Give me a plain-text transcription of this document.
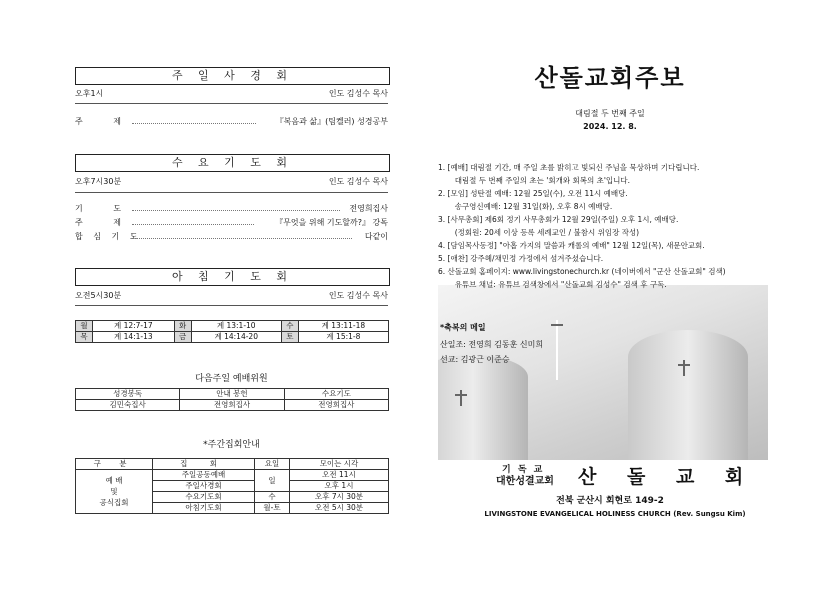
주 일 사 경 회
오후1시	인도 김성수 목사
주 제	『복음과 삶』(팀켈러) 성경공부
수 요 기 도 회
오후7시30분	인도 김성수 목사
기 도	전영희집사
주 제	『무엇을 위해 기도할까?』 강독
합 심 기 도	다같이
아 침 기 도 회
오전5시30분	인도 김성수 목사
월	계 12:7-17	화	계 13:1-10	수	계 13:11-18
목	계 14:1-13	금	계 14:14-20	토	계 15:1-8
다음주일 예배위원
성경봉독	안내 봉헌	수요기도
김민숙집사	전영희집사	전영희집사
*주간집회안내
구 분	집 회	요일	모이는 시각
예 배
및
공식집회	주일공동예배	일	오전 11시
	주일사경회		오후 1시
	수요기도회	수	오후 7시 30분
	아침기도회	월-토	오전 5시 30분
산돌교회주보
대림절 두 번째 주일
2024. 12. 8.
1. [예배] 대림절 기간, 매 주일 초를 밝히고 빛되신 주님을 묵상하며 기다립니다.
대림절 두 번째 주일의 초는 '회개와 회복의 초'입니다.
2. [모임] 성탄절 예배: 12월 25일(수), 오전 11시 예배당.
송구영신예배: 12월 31일(화), 오후 8시 예배당.
3. [사무총회] 제6회 정기 사무총회가 12월 29일(주일) 오후 1시, 예배당.
(정회원: 20세 이상 등록 세례교인 / 불참시 위임장 작성)
4. [담임목사동정] "아홉 가지의 말씀과 캐롤의 예배" 12월 12일(목), 새문안교회.
5. [애찬] 강주혜/채민정 가정에서 섬겨주셨습니다.
6. 산돌교회 홈페이지: www.livingstonechurch.kr (네이버에서 "군산 산돌교회" 검색)
유튜브 채널: 유튜브 검색창에서 "산돌교회 김성수" 검색 후 구독.
*축복의 메일
산일조: 전영희 김동훈 신미희
선교: 김광근 이준승
기 독 교
대한성결교회 산 돌 교 회
전북 군산시 회현로 149-2
LIVINGSTONE EVANGELICAL HOLINESS CHURCH (Rev. Sungsu Kim)
